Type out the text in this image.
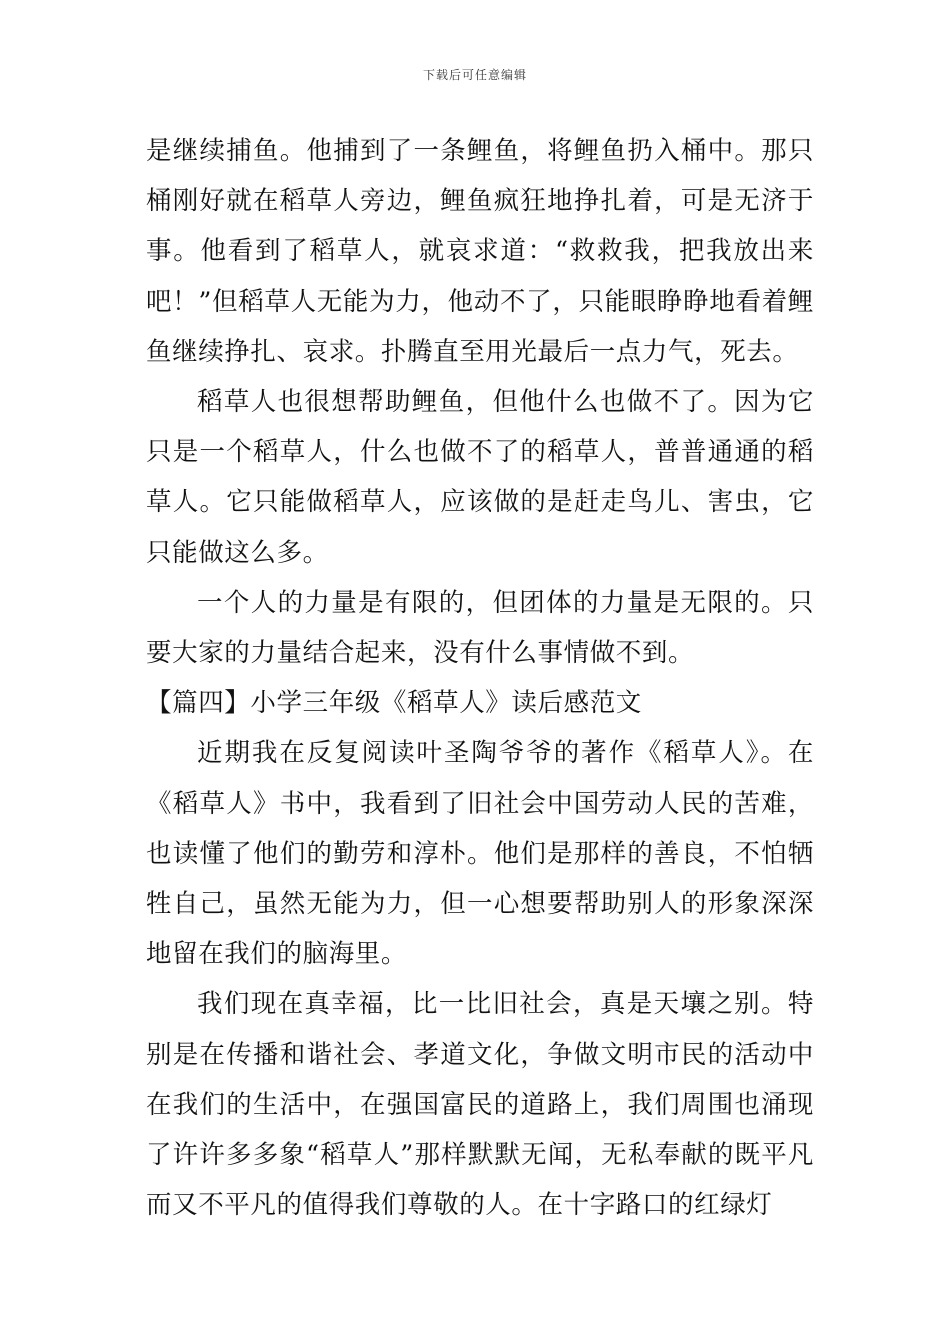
下载后可任意编辑

是继续捕鱼。他捕到了一条鲤鱼，将鲤鱼扔入桶中。那只桶刚好就在稻草人旁边，鲤鱼疯狂地挣扎着，可是无济于事。他看到了稻草人，就哀求道：“救救我，把我放出来吧！”但稻草人无能为力，他动不了，只能眼睁睁地看着鲤鱼继续挣扎、哀求。扑腾直至用光最后一点力气，死去。

稻草人也很想帮助鲤鱼，但他什么也做不了。因为它只是一个稻草人，什么也做不了的稻草人，普普通通的稻草人。它只能做稻草人，应该做的是赶走鸟儿、害虫，它只能做这么多。

一个人的力量是有限的，但团体的力量是无限的。只要大家的力量结合起来，没有什么事情做不到。

【篇四】小学三年级《稻草人》读后感范文

近期我在反复阅读叶圣陶爷爷的著作《稻草人》。在《稻草人》书中，我看到了旧社会中国劳动人民的苦难，也读懂了他们的勤劳和淳朴。他们是那样的善良，不怕牺牲自己，虽然无能为力，但一心想要帮助别人的形象深深地留在我们的脑海里。

我们现在真幸福，比一比旧社会，真是天壤之别。特别是在传播和谐社会、孝道文化，争做文明市民的活动中在我们的生活中，在强国富民的道路上，我们周围也涌现了许许多多象“稻草人”那样默默无闻，无私奉献的既平凡而又不平凡的值得我们尊敬的人。在十字路口的红绿灯
